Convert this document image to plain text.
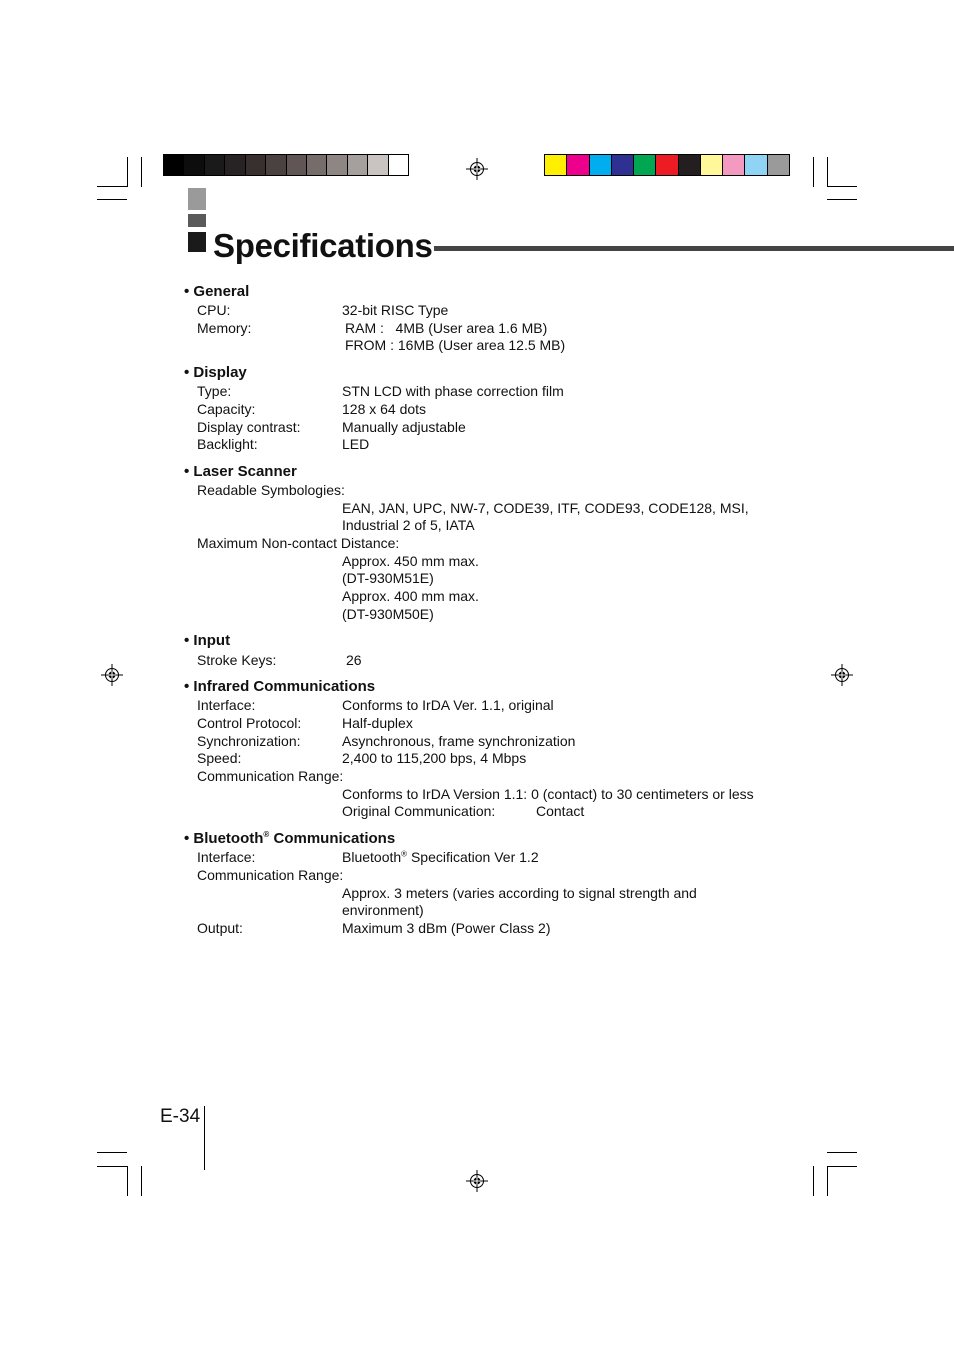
Specifications
• General
CPU:	32-bit RISC Type
Memory:	RAM :   4MB (User area 1.6 MB)
FROM : 16MB (User area 12.5 MB)
• Display
Type:	STN LCD with phase correction film
Capacity:	128 x 64 dots
Display contrast:	Manually adjustable
Backlight:	LED
• Laser Scanner
Readable Symbologies:
EAN, JAN, UPC, NW-7, CODE39, ITF, CODE93, CODE128, MSI,
Industrial 2 of 5, IATA
Maximum Non-contact Distance:
Approx. 450 mm max.
(DT-930M51E)
Approx. 400 mm max.
(DT-930M50E)
• Input
Stroke Keys:	26
• Infrared Communications
Interface:	Conforms to IrDA Ver. 1.1, original
Control Protocol:	Half-duplex
Synchronization:	Asynchronous, frame synchronization
Speed:	2,400 to 115,200 bps, 4 Mbps
Communication Range:
Conforms to IrDA Version 1.1: 0 (contact) to 30 centimeters or less
Original Communication:	Contact
• Bluetooth® Communications
Interface:	Bluetooth® Specification Ver 1.2
Communication Range:
Approx. 3 meters (varies according to signal strength and
environment)
Output:	Maximum 3 dBm (Power Class 2)
E-34
